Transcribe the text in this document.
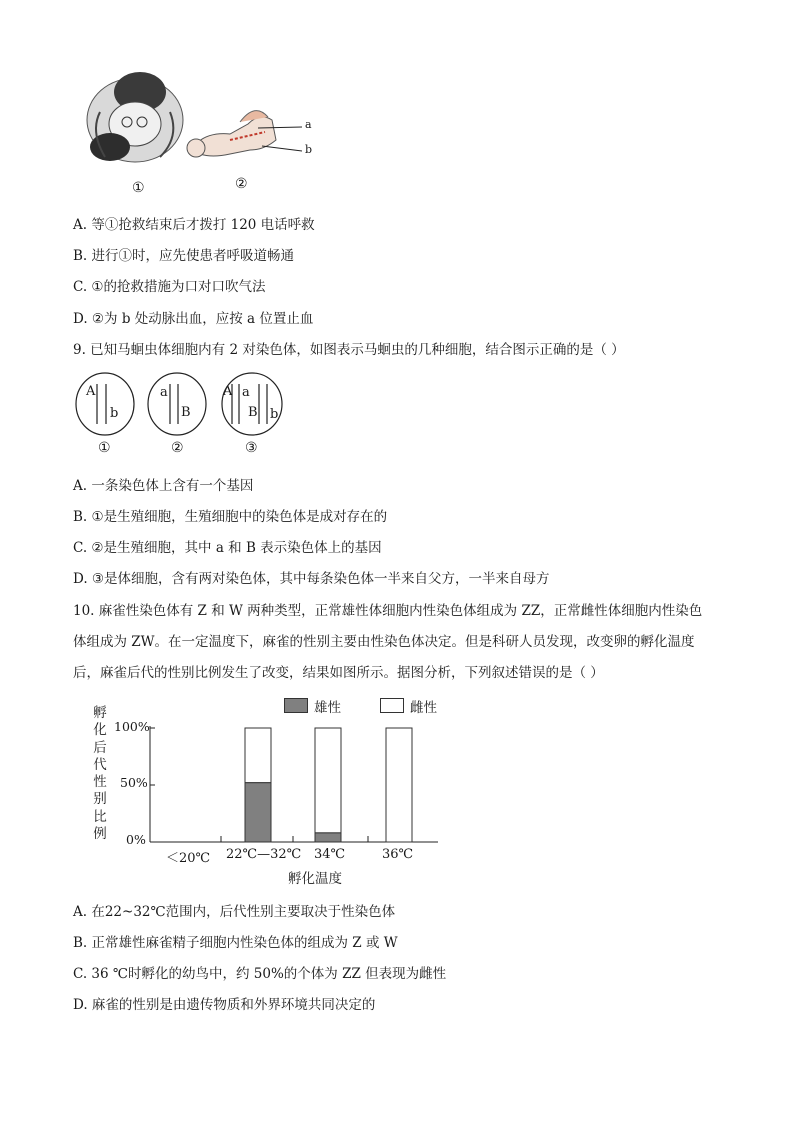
a
b
①	②
A. 等①抢救结束后才拨打 120 电话呼救
B. 进行①时，应先使患者呼吸道畅通
C. ①的抢救措施为口对口吹气法
D. ②为 b 处动脉出血，应按 a 位置止血
9. 已知马蛔虫体细胞内有 2 对染色体，如图表示马蛔虫的几种细胞，结合图示正确的是（ ）
A
b
a
B
A a
B b
①	②	③
A. 一条染色体上含有一个基因
B. ①是生殖细胞，生殖细胞中的染色体是成对存在的
C. ②是生殖细胞，其中 a 和 B 表示染色体上的基因
D. ③是体细胞，含有两对染色体，其中每条染色体一半来自父方，一半来自母方
10. 麻雀性染色体有 Z 和 W 两种类型，正常雄性体细胞内性染色体组成为 ZZ，正常雌性体细胞内性染色
体组成为 ZW。在一定温度下，麻雀的性别主要由性染色体决定。但是科研人员发现，改变卵的孵化温度
后，麻雀后代的性别比例发生了改变，结果如图所示。据图分析，下列叙述错误的是（ ）
雄性	雌性
孵化后代性别比例
100%
50%
0%
＜20℃ 22℃—32℃ 34℃	36℃
孵化温度
A. 在22~32℃范围内，后代性别主要取决于性染色体
B. 正常雄性麻雀精子细胞内性染色体的组成为 Z 或 W
C. 36 ℃时孵化的幼鸟中，约 50%的个体为 ZZ 但表现为雌性
D. 麻雀的性别是由遗传物质和外界环境共同决定的
